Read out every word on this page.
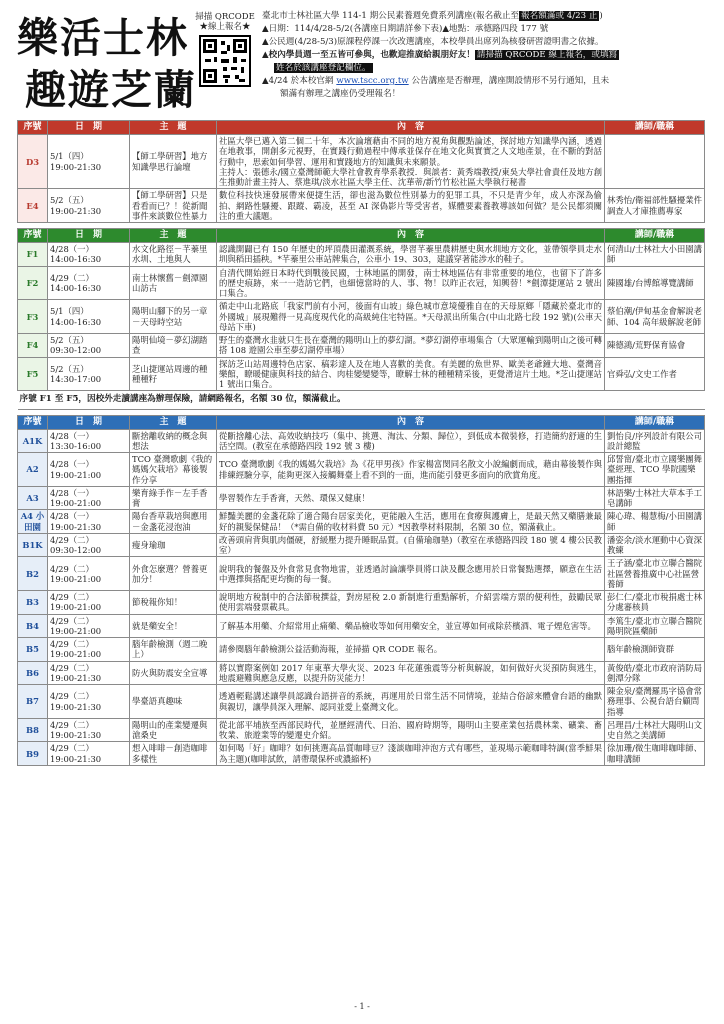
樂活士林
趣遊芝蘭
掃描 QRCODE
★線上報名★

臺北市士林社區大學 114-1 期公民素養週免費系列講座(報名截止至 報名額滿或 4/23 止 )

▲日期：114/4/28-5/2(各講座日期請詳參下表)▲地點：承德路四段 177 號

▲公民週(4/28-5/3)原課程停課一次改選講座，本校學員出席列為核發研習證明書之依據。

▲校內學員週一至五皆可參與，也歡迎推廣給親朋好友！ 請掃描 QRCODE 線上報名，或填寫

姓名於該講座登記欄位。

▲4/24 於本校官網 www.tscc.org.tw 公告講座是否辦理，講座開設情形不另行通知，且未

額滿有辦理之講座仍受理報名！

序號	日　期	主　題	內　容	講師/職稱
D3	5/1（四）
19:00-21:30	【師工學研習】地方知識學思行論壇	社區大學已邁入第二個二十年，本次論壇藉由不同的地方視角與觀點論述，探討地方知識學內涵，透過在地教事，開創多元視野，在實踐行動過程中傳承並保存在地文化與實實之人文地產景，在不斷的對話行動中，思索如何學習、運用和實踐地方的知識與未來願景。
主持人：張德永/國立臺灣師範大學社會教育學系教授．與談者：黃秀端教授/東吳大學社會責任及地方創生推動計畫主持人、蔡進琪/淡水社區大學主任、沈華蒂/新竹竹松社區大學執行秘書	
E4	5/2（五）
19:00-21:30	【師工學研習】只是看看而已？！從新聞事件來談數位性暴力	數位科技快速發展帶來便捷生活，卻也滋為數位性別暴力的犯罪工具，不只是青少年，成人亦深為偷拍、網路性騷擾、跟蹤、霸凌，甚至 AI 深偽影片等受害者，媒體要素養教導該如何做？是公民都須關注的重大議題。	林秀怡/衛福部性騷擾業件調查人才庫推薦專家
序號	日　期	主　題	內　容	講師/職稱
F1	4/28（一）
14:00-16:30	水文化路徑－芊蓁里水圳、土地與人	認識開闢已有 150 年歷史的坪頂農田灌溉系統，學習芊蓁里農耕歷史與水圳地方文化，並帶領學員走水圳與稻田插秧。*芊蓁里公車站牌集合，公車小 19、303，建議穿著能涉水的鞋子。	何清山/士林社大小田園講師
F2	4/29（二）
14:00-16:30	南士林懷舊－劍潭園山訪古	自清代開始經日本時代到戰後民國，士林地區的開發，南士林地區佔有非常重要的地位，也留下了許多的歷史痕跡，來一一造訪它們，也細憶當時的人、事、物！以昨正衣冠，知興替！*劍潭捷運站 2 號出口集合。	陳國雄/台博館導覽講師
F3	5/1（四）
14:00-16:30	陽明山腳下的另一章－天母時空站	循走中山北路底「我家門前有小河，後面有山坡」綠色城市意境優雅自在的天母原鄉「隱藏於臺北市的外國城」展現難得一見高度現代化的高級純住宅特區。*天母派出所集合(中山北路七段 192 號)(公車天母站下車)	蔡伯潮/伊甸基金會解說老師、104 高年級解說老師
F4	5/2（五）
09:30-12:00	陽明仙境－夢幻湖踏查	野生的臺灣水韭就只生長在臺灣的陽明山上的夢幻湖。*夢幻湖停車場集合（大眾運輸到陽明山之後可轉搭 108 遊園公車至夢幻湖停車場）	陳德鴻/荒野保育協會
F5	5/2（五）
14:30-17:00	芝山捷運站周邊的種種種籽	探訪芝山站周邊特色店家、稿彩達人及在地人喜歡的美食。有美麗的魚世界、歐美老爺鐘大地、臺灣音樂館，瞭暖健康與科技的結合、肉桂變變變等，瞭解士林的種種精采後，更覺滑這片土地。*芝山捷運站 1 號出口集合。	官舜弘/文史工作者
序號 F1 至 F5，因校外走讀講座為辦理保險，請網路報名，名額 30 位，額滿截止。				
序號	日　期	主　題	內　容	講師/職稱
A1K	4/28（一）
13:30-16:00	斷捨離收納的概念與想法	從斷捨離心法、高效收納技巧（集中、挑選、淘汰、分類、歸位），到低成本微裝修，打造簡約舒適的生活空間。(教室在承德路四段 192 號 3 樓)	劉怡良/序列設計有限公司設計總監
A2	4/28（一）
19:00-21:00	TCO 臺灣歌劇《我的媽媽欠栽培》幕後製作分享	TCO 臺灣歌劇《我的媽媽欠栽培》為《花甲男孩》作家楊富閔同名散文小說編劇而成，藉由幕後製作與排練經驗分享，能夠更深入接觸舞臺上看不到的一面，進而能引發更多面向的欣賞角度。	邱誓甯/臺北市立國樂團舞臺經理、TCO 學院國樂團指揮
A3	4/28（一）
19:00-21:00	樂育綠手作－左手香膏	學習製作左手香膏，天然、環保又健康！	林語樂/士林社大草本手工皂講師
A4 小田園	4/28（一）
19:00-21:30	陽台香草栽培與應用－金盞花浸泡油	鮮豔美麗的金盞花除了適合陽台居家美化，更能融入生活，應用在食療與護膚上，是最天然又藥膳兼最好的親髮保健品！（*需自備的收材料費 50 元）*因教學材料限制，名額 30 位，額滿截止。	陳心瑋、楊慧梅/小田園講師
B1K	4/29（二）
09:30-12:00	瘦身瑜珈	改善頭肩背與肌肉僵硬，舒緩壓力提升睡眠品質。(自備瑜珈墊)（教室在承德路四段 180 號 4 樓公民教室）	潘姿余/淡水運動中心資深教練
B2	4/29（二）
19:00-21:00	外食怎麼選？營養更加分！	說明我的餐盤及外食常見食物地雷，並透過討論讓學員將口訣及觀念應用於日常餐點選擇，願意在生活中選擇與搭配更均衡的每一餐。	王子涵/臺北市立聯合醫院社區營養推廣中心社區營養師
B3	4/29（二）
19:00-21:00	節稅報你知！	說明地方稅制中的合法節稅撰益，對房屋稅 2.0 新制進行重點解析，介紹雲端方票的便利性，鼓勵民眾使用雲端發票載具。	彭仁仁/臺北市稅捐處士林分處審核員
B4	4/29（二）
19:00-21:00	就是藥安全！	了解基本用藥、介紹常用止痛藥、藥品檢收等如何用藥安全，並宣導如何戒除菸檳酒、電子煙危害等。	李篤生/臺北市立聯合醫院陽明院區藥師
B5	4/29（二）
19:00-21:00	腦年齡檢測（週二晚上）	請參閱腦年齡檢測公益活動海報，並掃描 QR CODE 報名。	腦年齡檢測師資群
B6	4/29（二）
19:00-21:30	防火與防震安全宣導	將以實際案例如 2017 年東華大學火災、2023 年花蓮強震等分析與解說，如何做好火災預防與逃生，地震避難與應急反應，以提升防災能力！	黃俊皓/臺北市政府消防局劍潭分隊
B7	4/29（二）
19:00-21:30	學臺語真趣味	透過輕鬆講述讓學員認識台語拼音的系統，再運用於日常生活不同情境，並結合俗諺來體會台語的幽默與親切，讓學員深入理解、認同並愛上臺灣文化。	陳金泉/臺灣羅馬字協會常務理事、公視台語台顧問指導
B8	4/29（二）
19:00-21:30	陽明山的產業變遷與滄桑史	從北部平埔族至西部民時代，並歷經清代、日治、國府時期等，陽明山主要產業包括農林業、礦業、畜牧業、旅遊業等的變遷史介紹。	呂理昌/士林社大陽明山文史自然之美講師
B9	4/29（二）
19:00-21:30	想入啡啡－創造咖啡多樣性	如何喝「好」咖啡？如何挑選高品質咖啡豆？淺談咖啡沖泡方式有哪些，並現場示範咖啡特調(當季鮮果為主題)(咖啡試飲，請帶環保杯或濃縮杯)	徐加珊/微生咖啡咖啡師、咖啡講師
- 1 -
